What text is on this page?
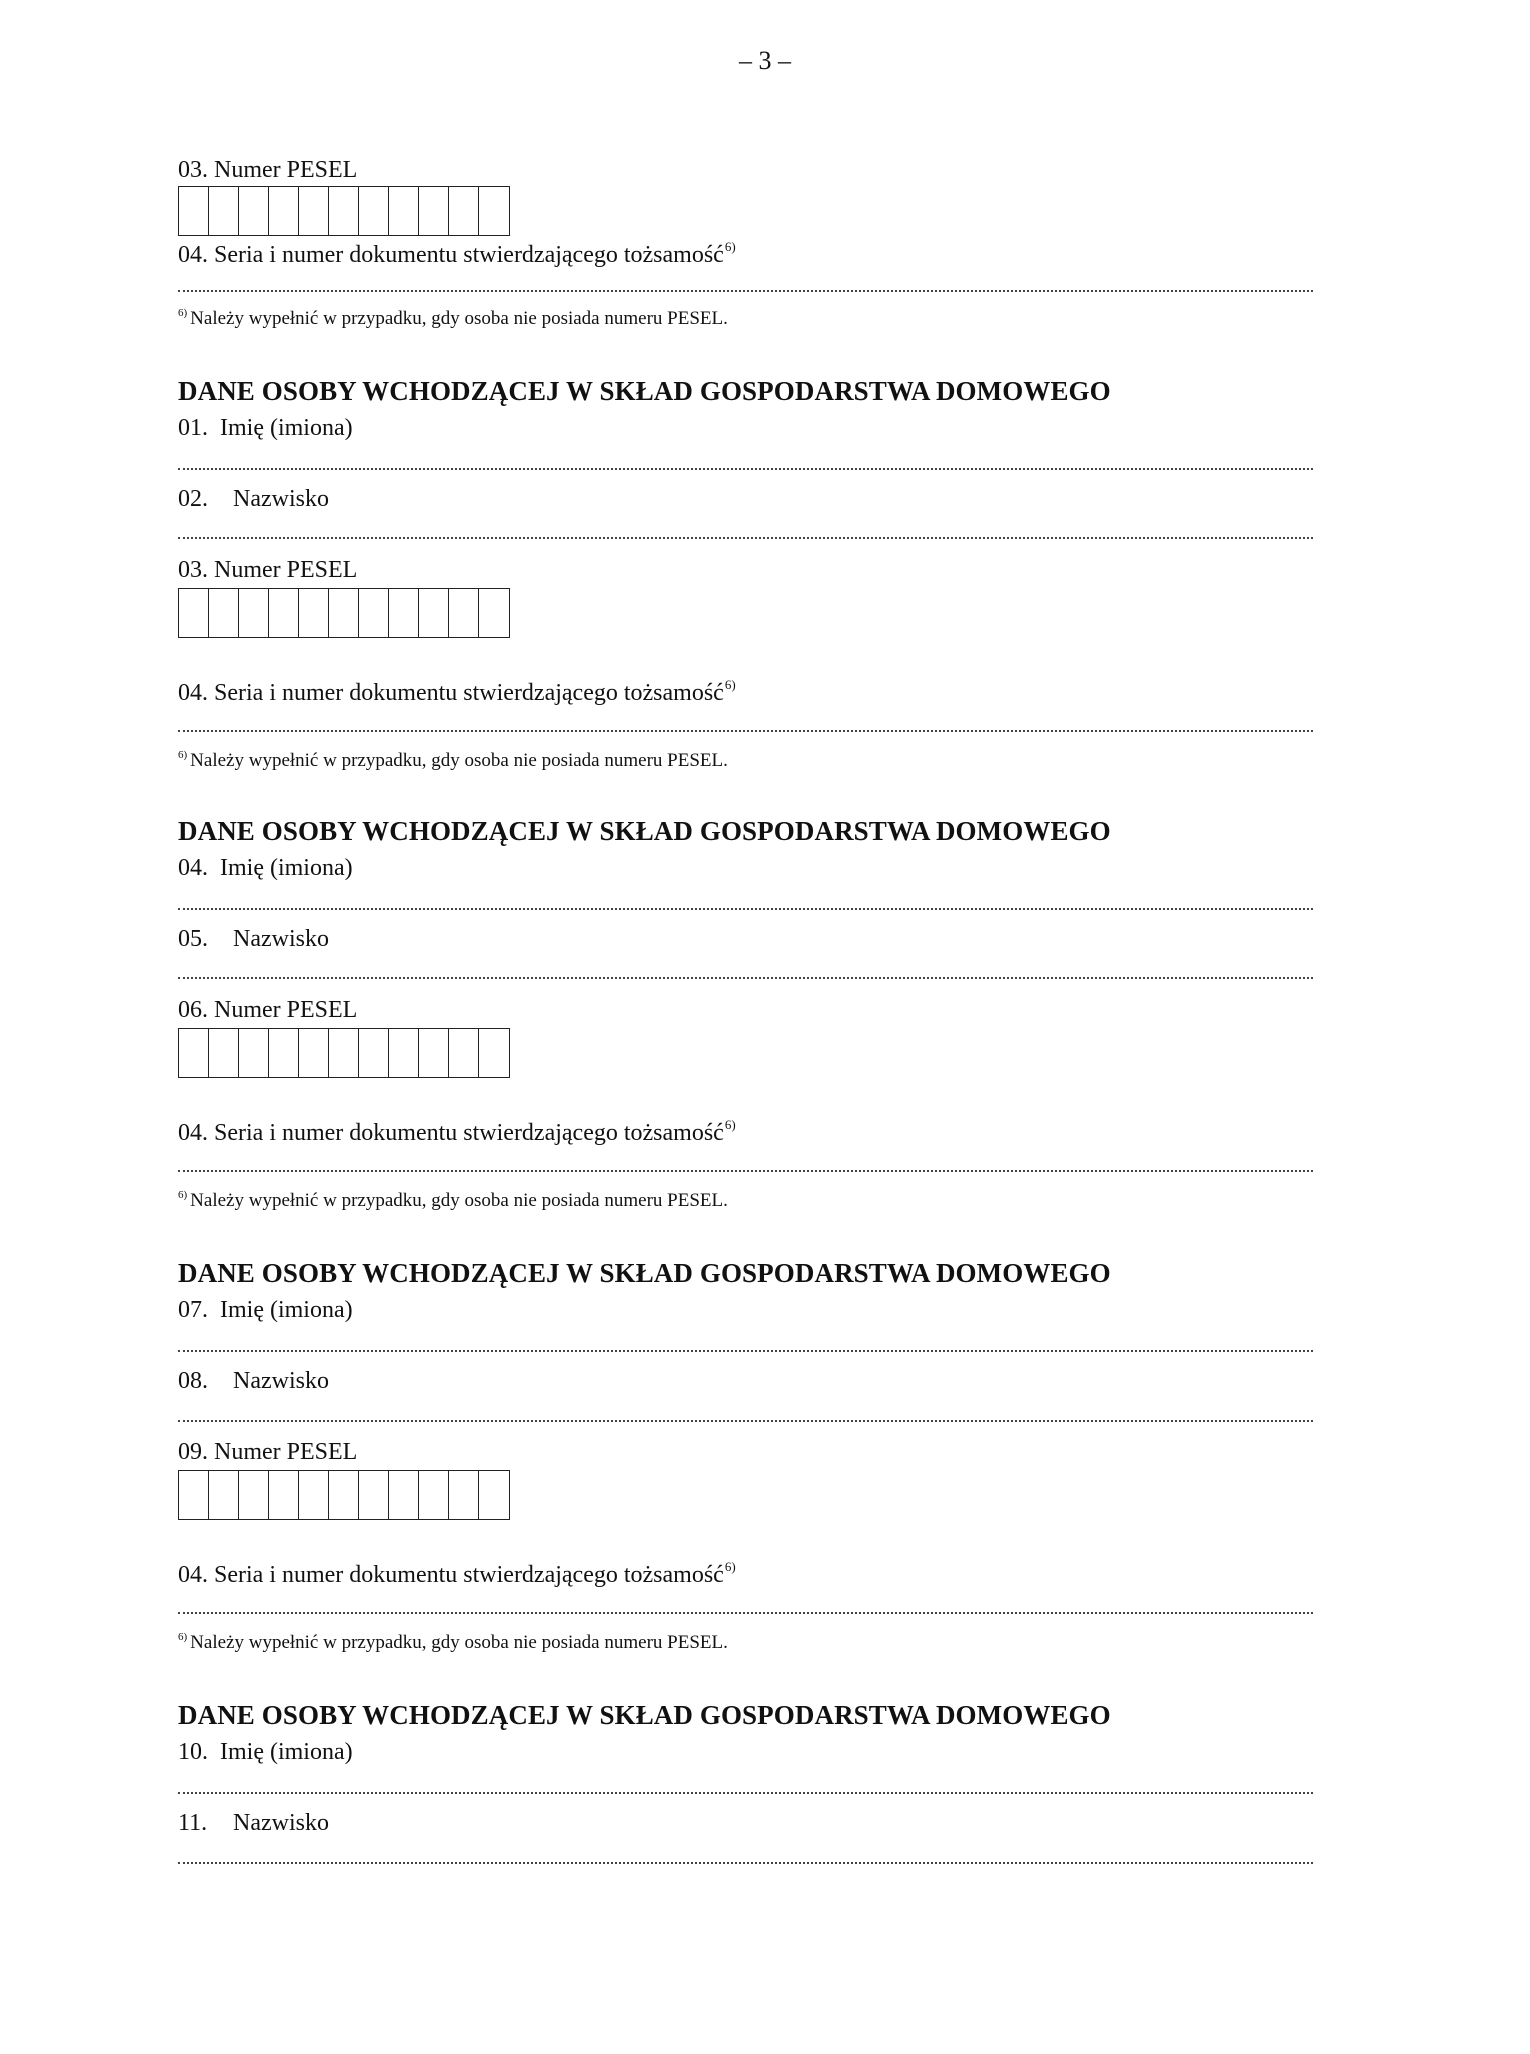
– 3 –
03. Numer PESEL
04. Seria i numer dokumentu stwierdzającego tożsamość$^{6)}$
$^{6)}$ Należy wypełnić w przypadku, gdy osoba nie posiada numeru PESEL.
DANE OSOBY WCHODZĄCEJ W SKŁAD GOSPODARSTWA DOMOWEGO
01. Imię (imiona)
02. Nazwisko
03. Numer PESEL
04. Seria i numer dokumentu stwierdzającego tożsamość$^{6)}$
$^{6)}$ Należy wypełnić w przypadku, gdy osoba nie posiada numeru PESEL.
DANE OSOBY WCHODZĄCEJ W SKŁAD GOSPODARSTWA DOMOWEGO
04. Imię (imiona)
05. Nazwisko
06. Numer PESEL
04. Seria i numer dokumentu stwierdzającego tożsamość$^{6)}$
$^{6)}$ Należy wypełnić w przypadku, gdy osoba nie posiada numeru PESEL.
DANE OSOBY WCHODZĄCEJ W SKŁAD GOSPODARSTWA DOMOWEGO
07. Imię (imiona)
08. Nazwisko
09. Numer PESEL
04. Seria i numer dokumentu stwierdzającego tożsamość$^{6)}$
$^{6)}$ Należy wypełnić w przypadku, gdy osoba nie posiada numeru PESEL.
DANE OSOBY WCHODZĄCEJ W SKŁAD GOSPODARSTWA DOMOWEGO
10. Imię (imiona)
11. Nazwisko
